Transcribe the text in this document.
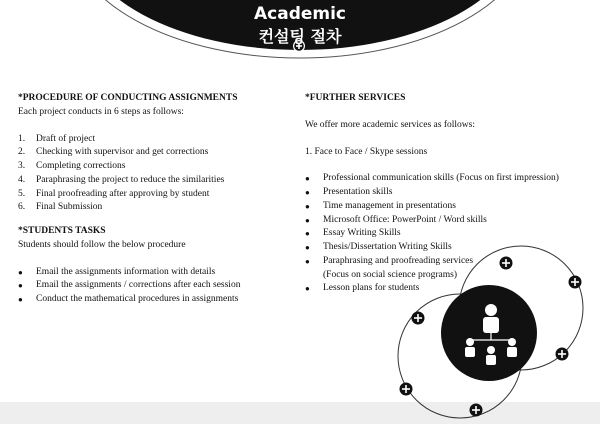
Academic
컨설팅 절차

*PROCEDURE OF CONDUCTING ASSIGNMENTS

Each project conducts in 6 steps as follows:

1.	Draft of project
2.	Checking with supervisor and get corrections
3.	Completing corrections
4.	Paraphrasing the project to reduce the similarities
5.	Final proofreading after approving by student
6.	Final Submission

*STUDENTS TASKS

Students should follow the below procedure

●	Email the assignments information with details
●	Email the assignments / corrections after each session
●	Conduct the mathematical procedures in assignments

*FURTHER SERVICES

We offer more academic services as follows:

1. Face to Face / Skype sessions

●	Professional communication skills (Focus on first impression)
●	Presentation skills
●	Time management in presentations
●	Microsoft Office: PowerPoint / Word skills
●	Essay Writing Skills
●	Thesis/Dissertation Writing Skills
●	Paraphrasing and proofreading services
(Focus on social science programs)
●	Lesson plans for students
